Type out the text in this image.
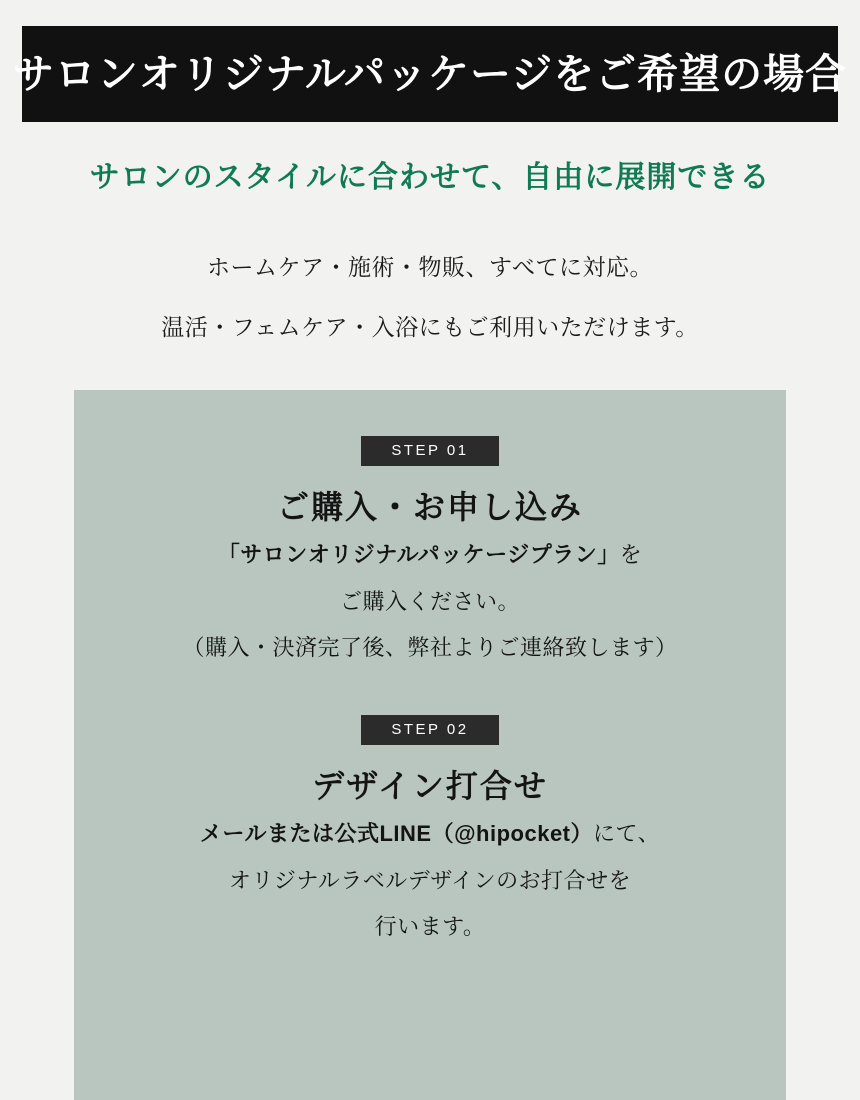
サロンオリジナルパッケージをご希望の場合
サロンのスタイルに合わせて、自由に展開できる
ホームケア・施術・物販、すべてに対応。
温活・フェムケア・入浴にもご利用いただけます。
STEP 01
ご購入・お申し込み
「サロンオリジナルパッケージプラン」を
ご購入ください。
（購入・決済完了後、弊社よりご連絡致します）
STEP 02
デザイン打合せ
メールまたは公式LINE（@hipocket）にて、
オリジナルラベルデザインのお打合せを
行います。
